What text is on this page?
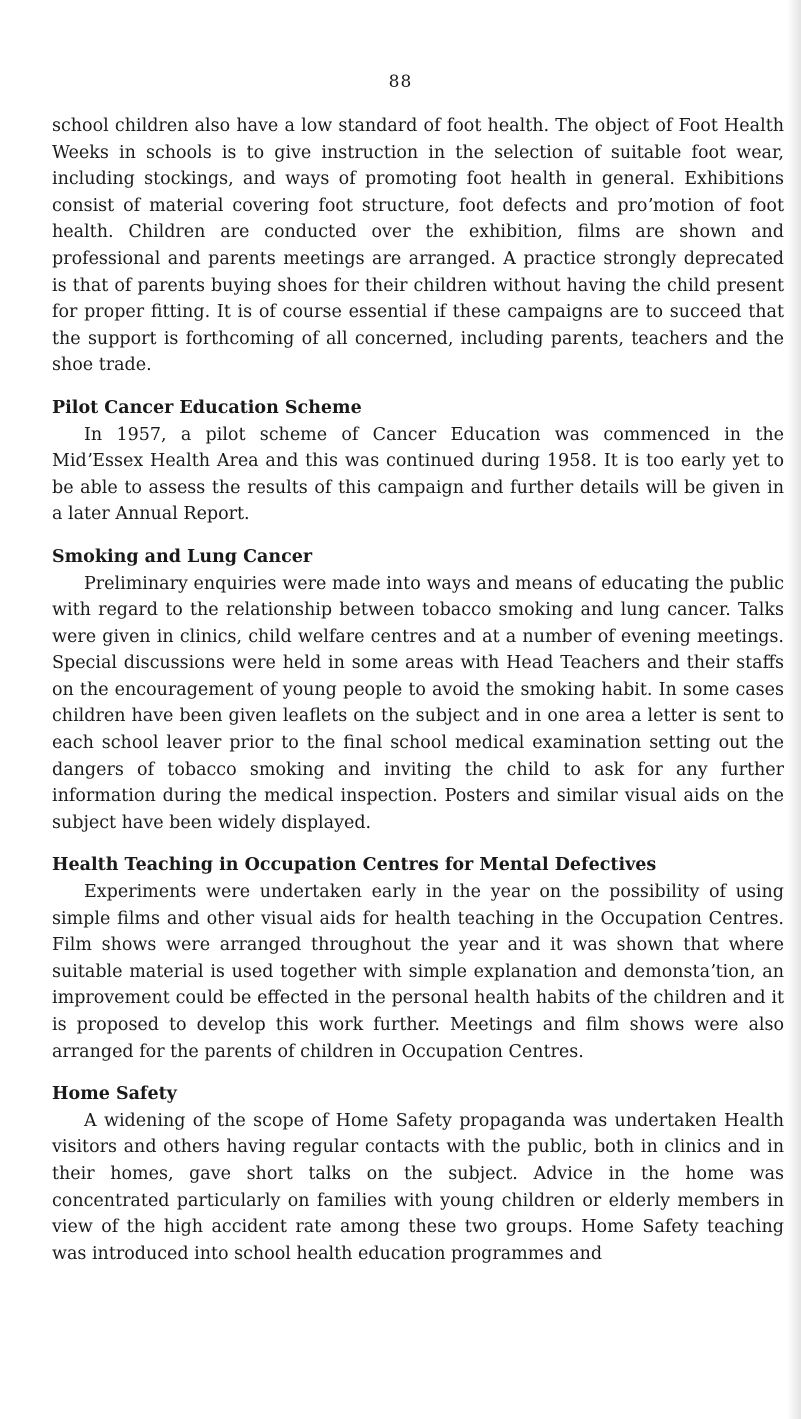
88

school children also have a low standard of foot health. The object of Foot Health Weeks in schools is to give instruction in the selection of suitable foot wear, including stockings, and ways of promoting foot health in general. Exhibitions consist of material covering foot structure, foot defects and proʼmotion of foot health. Children are conducted over the exhibition, films are shown and professional and parents meetings are arranged. A practice strongly deprecated is that of parents buying shoes for their children without having the child present for proper fitting. It is of course essential if these campaigns are to succeed that the support is forthcoming of all concerned, including parents, teachers and the shoe trade.

Pilot Cancer Education Scheme

In 1957, a pilot scheme of Cancer Education was commenced in the MidʼEssex Health Area and this was continued during 1958. It is too early yet to be able to assess the results of this campaign and further details will be given in a later Annual Report.

Smoking and Lung Cancer

Preliminary enquiries were made into ways and means of educating the public with regard to the relationship between tobacco smoking and lung cancer. Talks were given in clinics, child welfare centres and at a number of evening meetings. Special discussions were held in some areas with Head Teachers and their staffs on the encouragement of young people to avoid the smoking habit. In some cases children have been given leaflets on the subject and in one area a letter is sent to each school leaver prior to the final school medical examination setting out the dangers of tobacco smoking and inviting the child to ask for any further information during the medical inspection. Posters and similar visual aids on the subject have been widely displayed.

Health Teaching in Occupation Centres for Mental Defectives

Experiments were undertaken early in the year on the possibility of using simple films and other visual aids for health teaching in the Occupation Centres. Film shows were arranged throughout the year and it was shown that where suitable material is used together with simple explanation and demonstaʼtion, an improvement could be effected in the personal health habits of the children and it is proposed to develop this work further. Meetings and film shows were also arranged for the parents of children in Occupation Centres.

Home Safety

A widening of the scope of Home Safety propaganda was undertaken Health visitors and others having regular contacts with the public, both in clinics and in their homes, gave short talks on the subject. Advice in the home was concentrated particularly on families with young children or elderly members in view of the high accident rate among these two groups. Home Safety teaching was introduced into school health education programmes and
